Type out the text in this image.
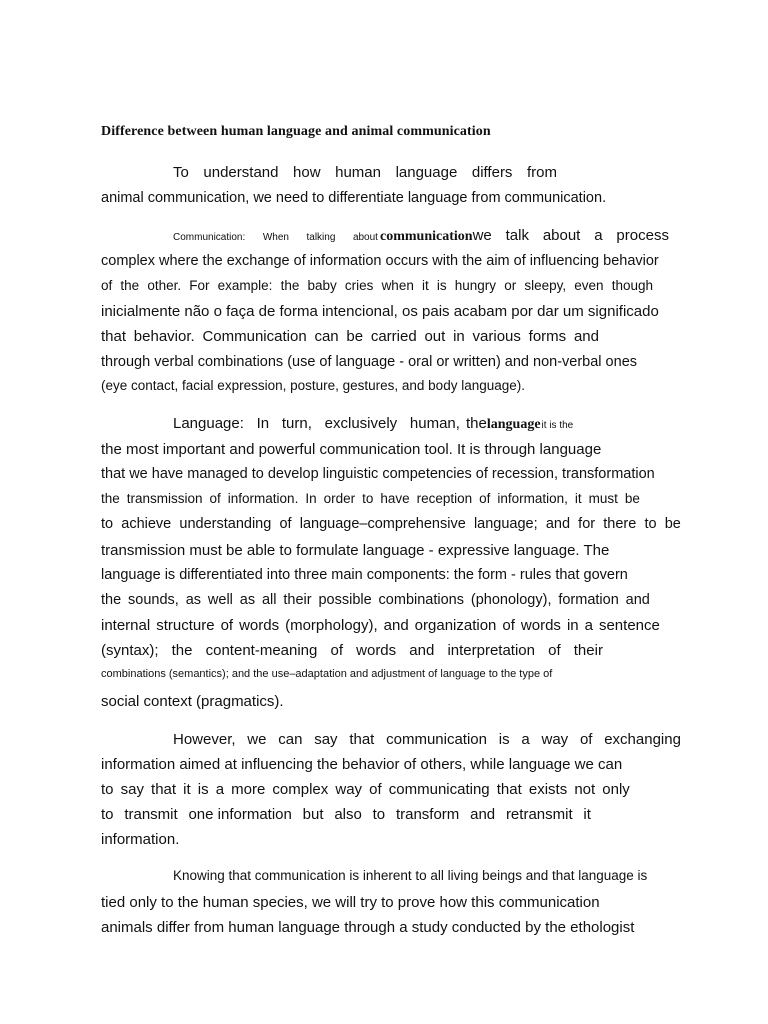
Difference between human language and animal communication
To understand how human language differs from
animal communication, we need to differentiate language from communication.
Communication: When talking about communication we talk about a process
complex where the exchange of information occurs with the aim of influencing behavior
of the other. For example: the baby cries when it is hungry or sleepy, even though
inicialmente não o faça de forma intencional, os pais acabam por dar um significado
that behavior. Communication can be carried out in various forms and
through verbal combinations (use of language - oral or written) and non-verbal ones
(eye contact, facial expression, posture, gestures, and body language).
Language: In turn, exclusively human, the language it is the
the most important and powerful communication tool. It is through language
that we have managed to develop linguistic competencies of recession, transformation
the transmission of information. In order to have reception of information, it must be
to achieve understanding of language–comprehensive language; and for there to be
transmission must be able to formulate language - expressive language. The
language is differentiated into three main components: the form - rules that govern
the sounds, as well as all their possible combinations (phonology), formation and
internal structure of words (morphology), and organization of words in a sentence
(syntax); the content-meaning of words and interpretation of their
combinations (semantics); and the use–adaptation and adjustment of language to the type of
social context (pragmatics).
However, we can say that communication is a way of exchanging
information aimed at influencing the behavior of others, while language we can
to say that it is a more complex way of communicating that exists not only
to transmit one information but also to transform and retransmit it
information.
Knowing that communication is inherent to all living beings and that language is
tied only to the human species, we will try to prove how this communication
animals differ from human language through a study conducted by the ethologist
